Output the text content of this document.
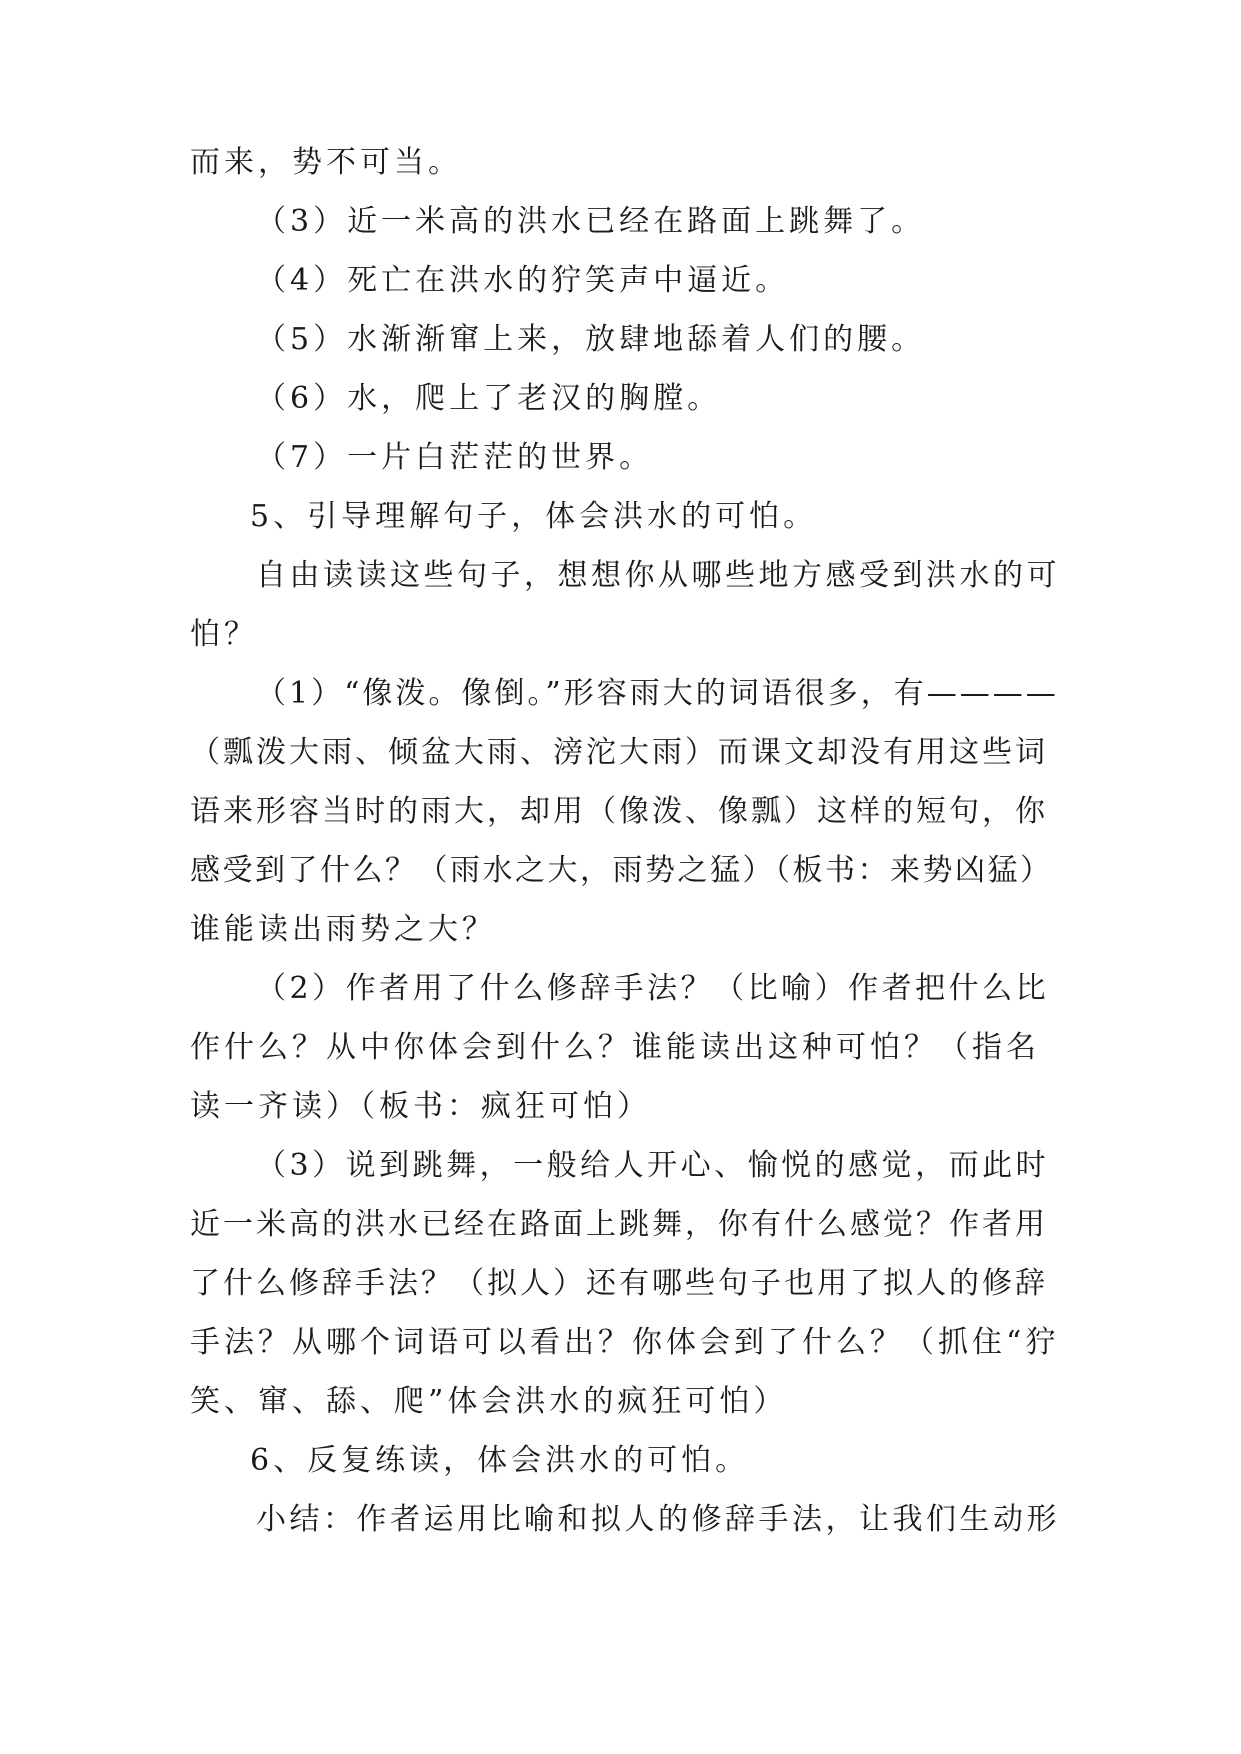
而来，势不可当。
（3）近一米高的洪水已经在路面上跳舞了。
（4）死亡在洪水的狞笑声中逼近。
（5）水渐渐窜上来，放肆地舔着人们的腰。
（6）水，爬上了老汉的胸膛。
（7）一片白茫茫的世界。
5、引导理解句子，体会洪水的可怕。
自由读读这些句子，想想你从哪些地方感受到洪水的可
怕？
（1）“像泼。像倒。”形容雨大的词语很多，有————
（瓢泼大雨、倾盆大雨、滂沱大雨）而课文却没有用这些词
语来形容当时的雨大，却用（像泼、像瓢）这样的短句，你
感受到了什么？（雨水之大，雨势之猛）（板书：来势凶猛）
谁能读出雨势之大？
（2）作者用了什么修辞手法？（比喻）作者把什么比
作什么？从中你体会到什么？谁能读出这种可怕？（指名
读一齐读）（板书：疯狂可怕）
（3）说到跳舞，一般给人开心、愉悦的感觉，而此时
近一米高的洪水已经在路面上跳舞，你有什么感觉？作者用
了什么修辞手法？（拟人）还有哪些句子也用了拟人的修辞
手法？从哪个词语可以看出？你体会到了什么？（抓住“狞
笑、窜、舔、爬”体会洪水的疯狂可怕）
6、反复练读，体会洪水的可怕。
小结：作者运用比喻和拟人的修辞手法，让我们生动形
